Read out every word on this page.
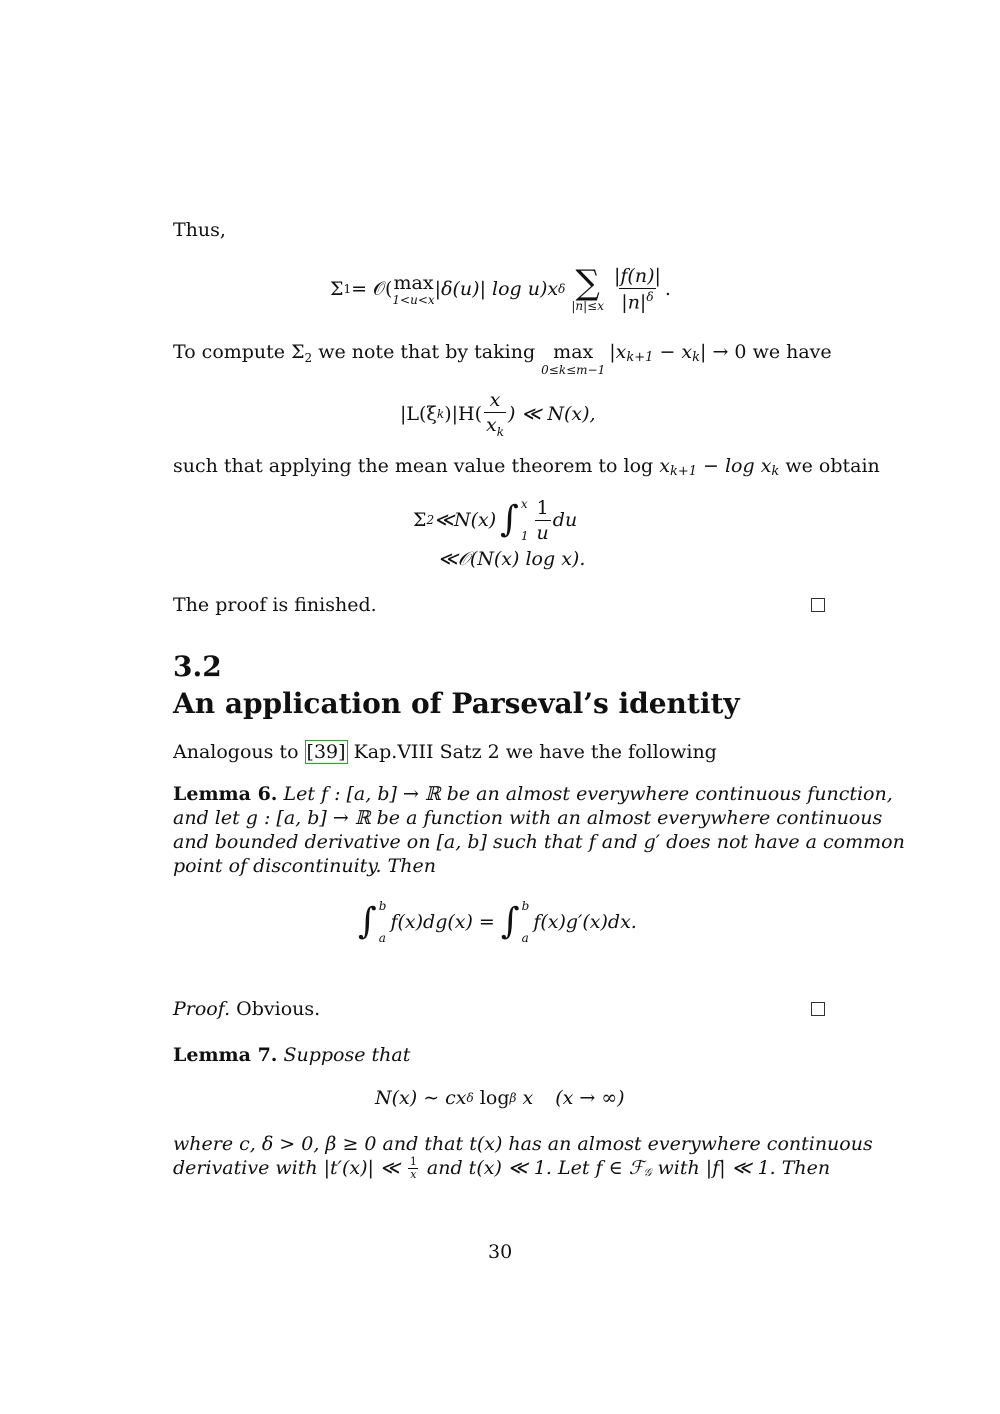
Thus,
Σ 1 = 𝒪( max
1<u<x |δ(u)| log u)x δ ∑
$|n|\le x \frac{|f(n)|}{|n|^\delta}$ .
To compute $\Sigma_2$ we note that by taking max
0≤k≤m−1
$|x_{k+1} - x_k$ | → 0 we have
|L(ξ k )$|H( \frac{x}{x_k}$ ) ≪ N(x),
such that applying the mean value theorem to $\log x_{k+1} - \log x_k$ we obtain
Σ 2 ≪N(x) ∫ x
$1 \frac{1}{u}$ du
≪𝒪(N(x) log x).
The proof is finished.
3.2
An application of Parseval’s identity
Analogous to [39] Kap.VIII Satz 2 we have the following
Lemma 6. Let f : [a, b] → ℝ be an almost everywhere continuous function,
and let g : [a, b] → ℝ be a function with an almost everywhere continuous
and bounded derivative on [a, b] such that f and g′ does not have a common
point of discontinuity. Then
∫ b
a
f(x)dg(x) = ∫ b
a
f(x)g′(x)dx.
Proof. Obvious.
Lemma 7. Suppose that
N(x) ∼ cx δ log β x (x → ∞)
where c, δ > 0, β ≥ 0 and that t(x) has an almost everywhere continuous
derivative with |t′(x)| ≪ $\frac{1}{x}$ and t(x) ≪ 1. Let f ∈ ℱ$_𝒢$ with |f| ≪ 1. Then
30
